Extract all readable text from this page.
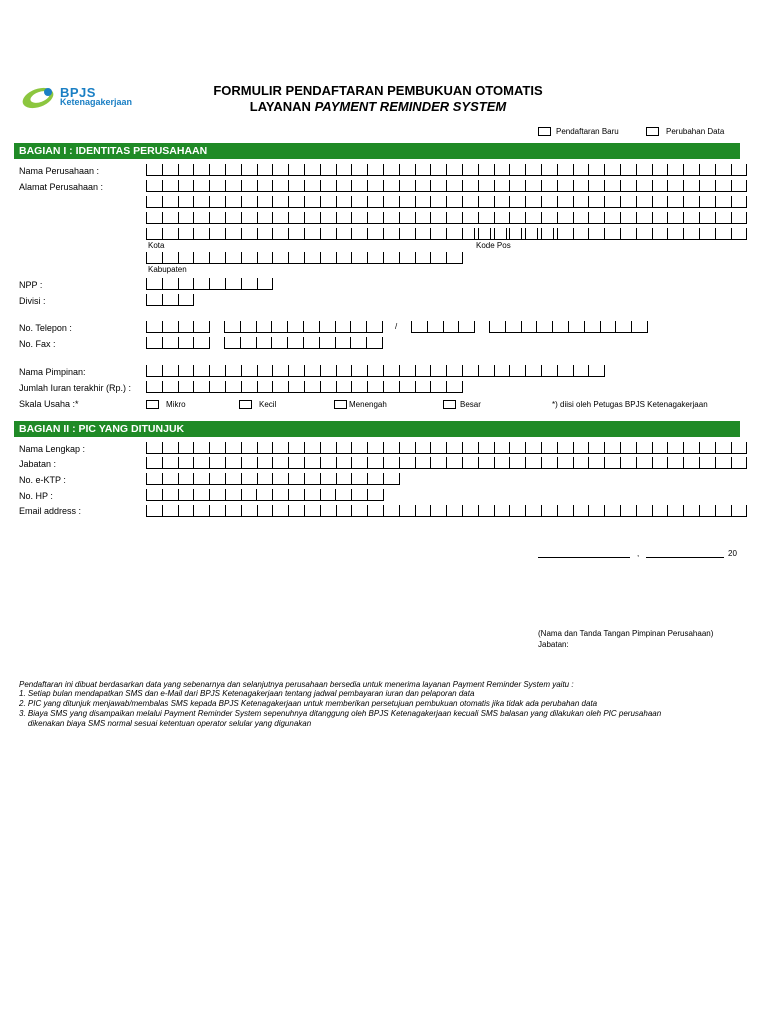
BPJS
Ketenagakerjaan
FORMULIR PENDAFTARAN PEMBUKUAN OTOMATIS
LAYANAN PAYMENT REMINDER SYSTEM
Pendaftaran Baru	Perubahan Data
BAGIAN I : IDENTITAS PERUSAHAAN
Nama Perusahaan :
Alamat Perusahaan :
Kota	Kode Pos
Kabupaten
NPP :
Divisi :
No. Telepon :	/
No. Fax :
Nama Pimpinan:
Jumlah Iuran terakhir (Rp.) :
Skala Usaha :*	Mikro	Kecil	Menengah	Besar	*) diisi oleh Petugas BPJS Ketenagakerjaan
BAGIAN II : PIC YANG DITUNJUK
Nama Lengkap :
Jabatan :
No. e-KTP :
No. HP :
Email address :
,	20
(Nama dan Tanda Tangan Pimpinan Perusahaan)
Jabatan:
Pendaftaran ini dibuat berdasarkan data yang sebenarnya dan selanjutnya perusahaan bersedia untuk menerima layanan Payment Reminder System yaitu :
1. Setiap bulan mendapatkan SMS dan e-Mail dari BPJS Ketenagakerjaan tentang jadwal pembayaran iuran dan pelaporan data
2. PIC yang ditunjuk menjawab/membalas SMS kepada BPJS Ketenagakerjaan untuk memberikan persetujuan pembukuan otomatis jika tidak ada perubahan data
3. Biaya SMS yang disampaikan melalui Payment Reminder System sepenuhnya ditanggung oleh BPJS Ketenagakerjaan kecuali SMS balasan yang dilakukan oleh PIC perusahaan
dikenakan biaya SMS normal sesuai ketentuan operator selular yang digunakan
